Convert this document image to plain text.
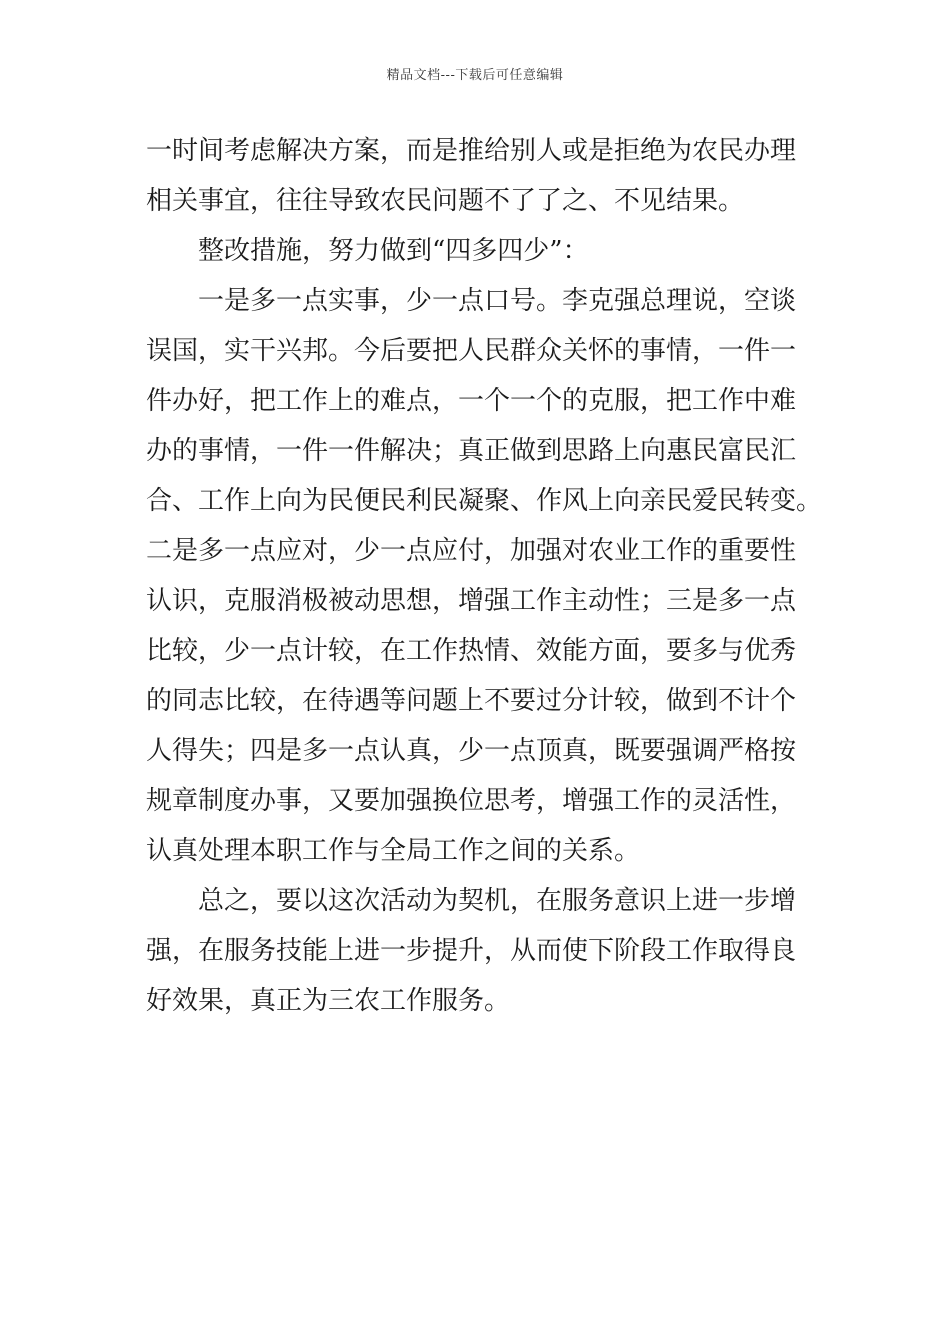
精品文档---下载后可任意编辑
一时间考虑解决方案，而是推给别人或是拒绝为农民办理
相关事宜，往往导致农民问题不了了之、不见结果。
整改措施，努力做到“四多四少”：
一是多一点实事，少一点口号。李克强总理说，空谈
误国，实干兴邦。今后要把人民群众关怀的事情，一件一
件办好，把工作上的难点，一个一个的克服，把工作中难
办的事情，一件一件解决；真正做到思路上向惠民富民汇
合、工作上向为民便民利民凝聚、作风上向亲民爱民转变。
二是多一点应对，少一点应付，加强对农业工作的重要性
认识，克服消极被动思想，增强工作主动性；三是多一点
比较，少一点计较，在工作热情、效能方面，要多与优秀
的同志比较，在待遇等问题上不要过分计较，做到不计个
人得失；四是多一点认真，少一点顶真，既要强调严格按
规章制度办事，又要加强换位思考，增强工作的灵活性，
认真处理本职工作与全局工作之间的关系。
总之，要以这次活动为契机，在服务意识上进一步增
强，在服务技能上进一步提升，从而使下阶段工作取得良
好效果，真正为三农工作服务。
